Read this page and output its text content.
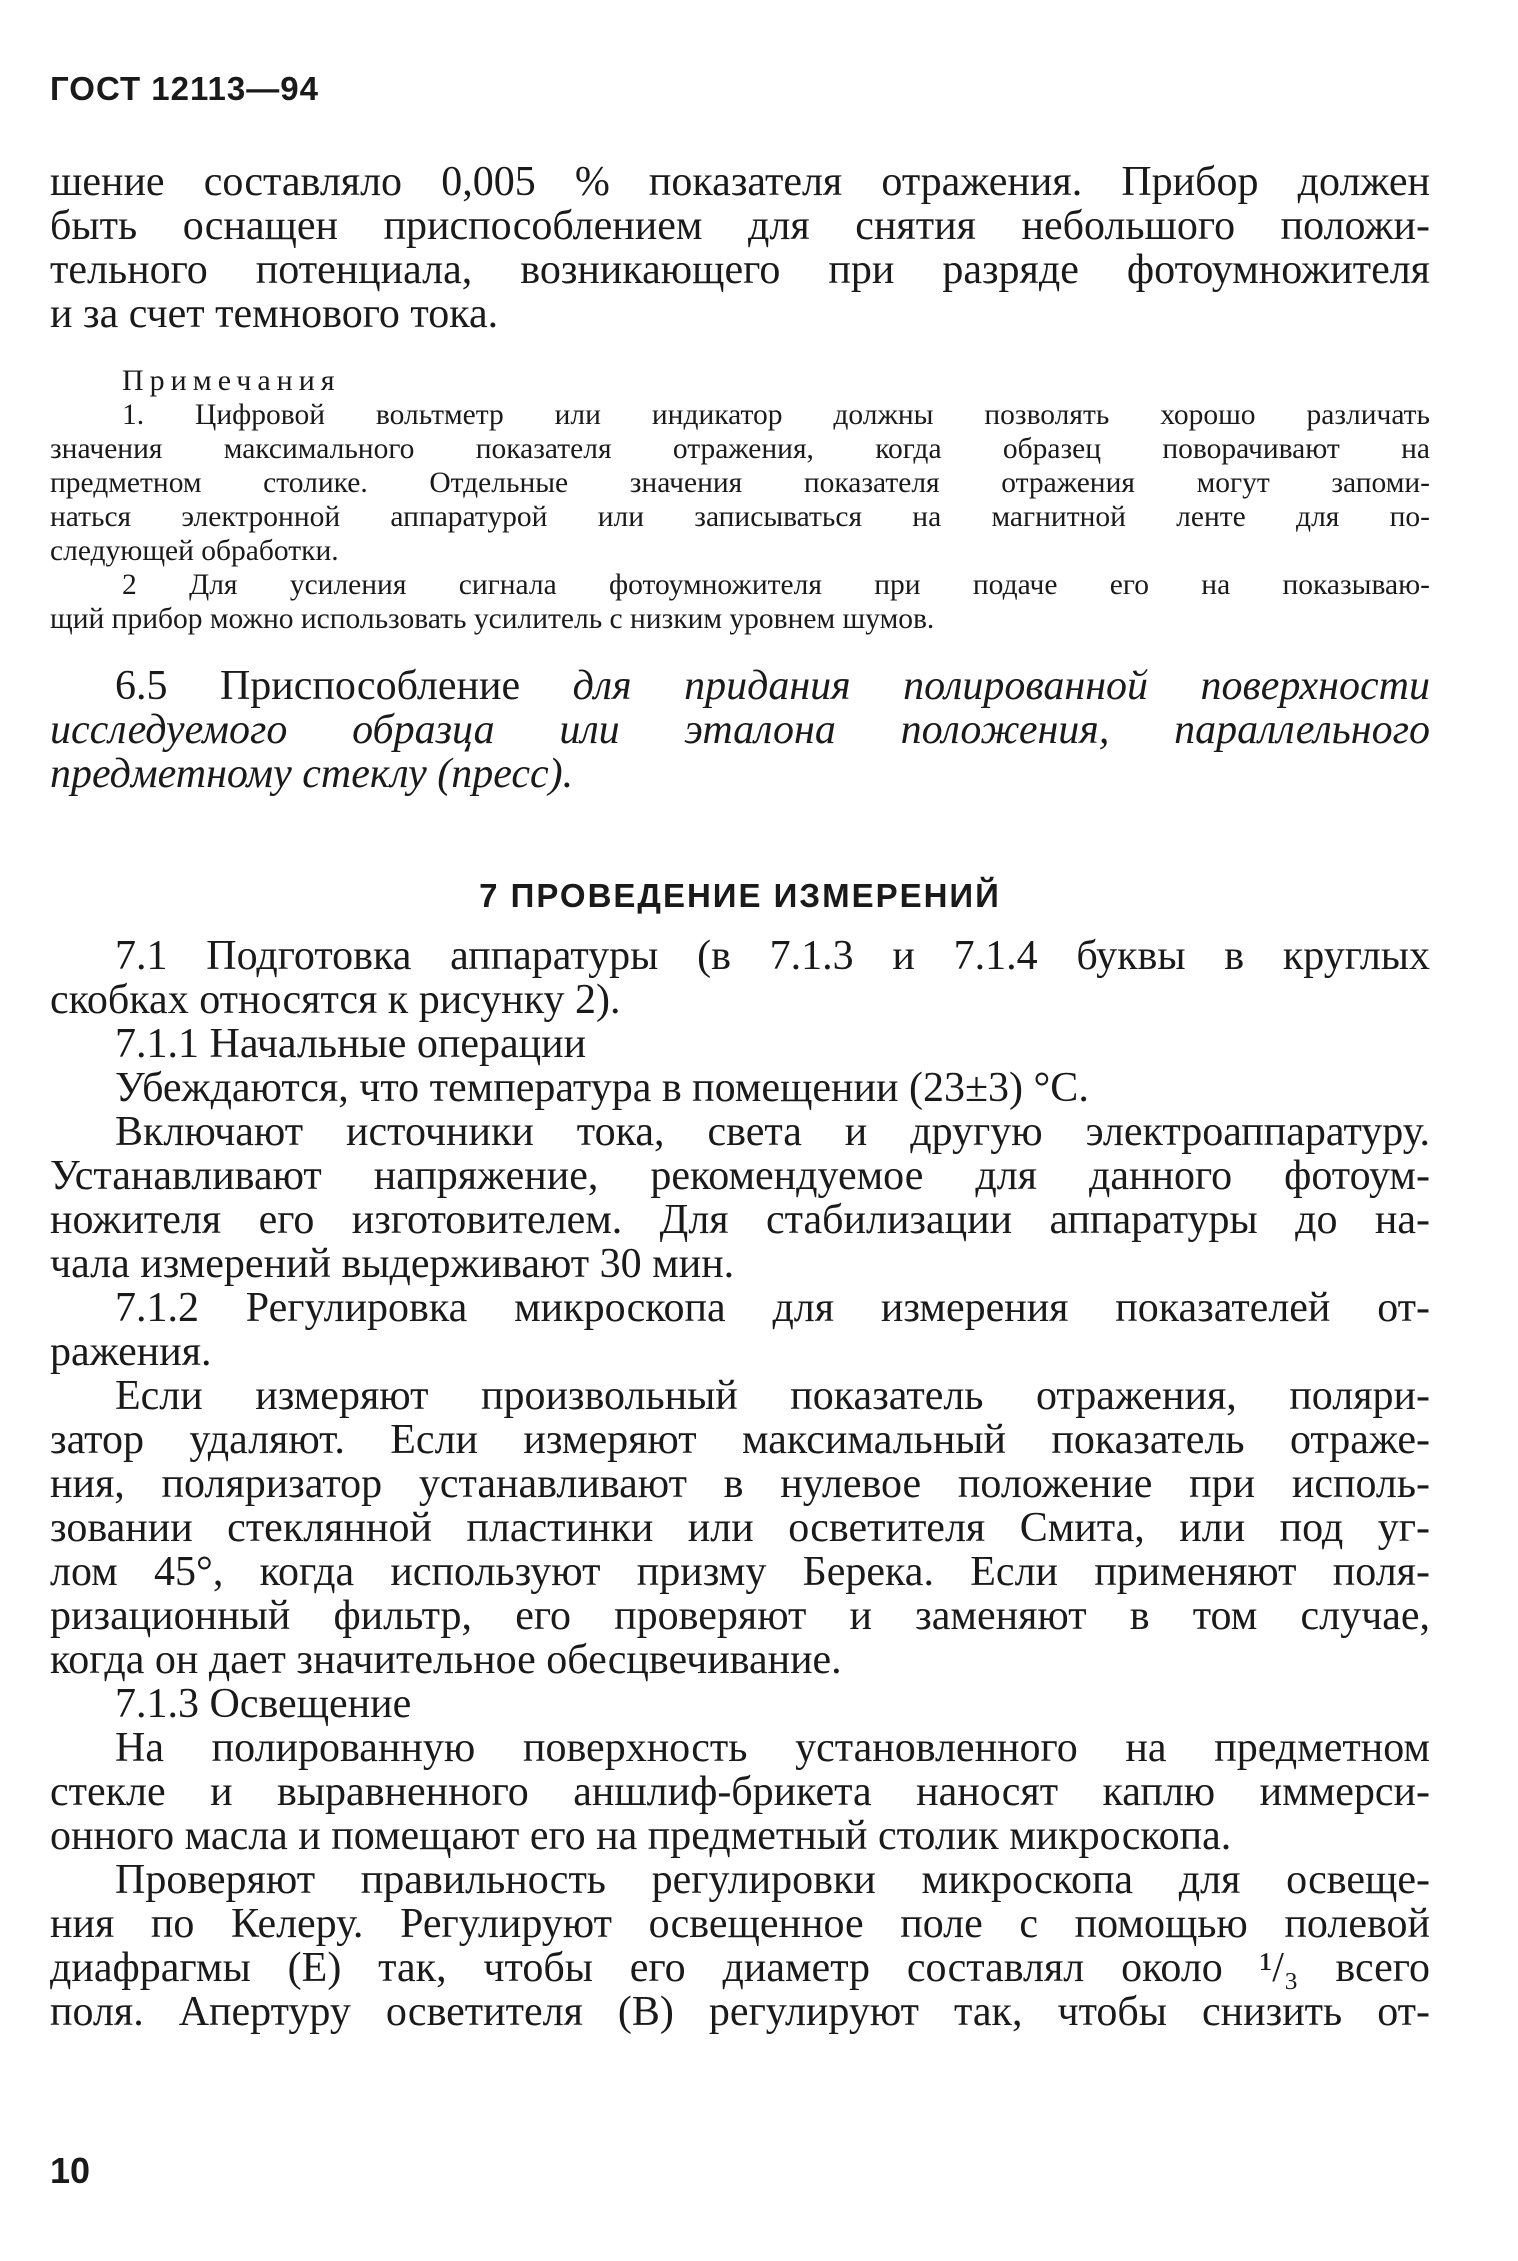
ГОСТ 12113—94
шение составляло 0,005 % показателя отражения. Прибор должен
быть оснащен приспособлением для снятия небольшого положи-
тельного потенциала, возникающего при разряде фотоумножителя
и за счет темнового тока.
Примечания
1. Цифровой вольтметр или индикатор должны позволять хорошо различать
значения максимального показателя отражения, когда образец поворачивают на
предметном столике. Отдельные значения показателя отражения могут запоми-
наться электронной аппаратурой или записываться на магнитной ленте для по-
следующей обработки.
2 Для усиления сигнала фотоумножителя при подаче его на показываю-
щий прибор можно использовать усилитель с низким уровнем шумов.
6.5 Приспособление для придания полированной поверхности
исследуемого образца или эталона положения, параллельного
предметному стеклу (пресс).
7 ПРОВЕДЕНИЕ ИЗМЕРЕНИЙ
7.1 Подготовка аппаратуры (в 7.1.3 и 7.1.4 буквы в круглых
скобках относятся к рисунку 2).
7.1.1 Начальные операции
Убеждаются, что температура в помещении (23±3) °С.
Включают источники тока, света и другую электроаппаратуру.
Устанавливают напряжение, рекомендуемое для данного фотоум-
ножителя его изготовителем. Для стабилизации аппаратуры до на-
чала измерений выдерживают 30 мин.
7.1.2 Регулировка микроскопа для измерения показателей от-
ражения.
Если измеряют произвольный показатель отражения, поляри-
затор удаляют. Если измеряют максимальный показатель отраже-
ния, поляризатор устанавливают в нулевое положение при исполь-
зовании стеклянной пластинки или осветителя Смита, или под уг-
лом 45°, когда используют призму Берека. Если применяют поля-
ризационный фильтр, его проверяют и заменяют в том случае,
когда он дает значительное обесцвечивание.
7.1.3 Освещение
На полированную поверхность установленного на предметном
стекле и выравненного аншлиф-брикета наносят каплю иммерси-
онного масла и помещают его на предметный столик микроскопа.
Проверяют правильность регулировки микроскопа для освеще-
ния по Келеру. Регулируют освещенное поле с помощью полевой
диафрагмы (Е) так, чтобы его диаметр составлял около ¹/₃ всего
поля. Апертуру осветителя (В) регулируют так, чтобы снизить от-
10
